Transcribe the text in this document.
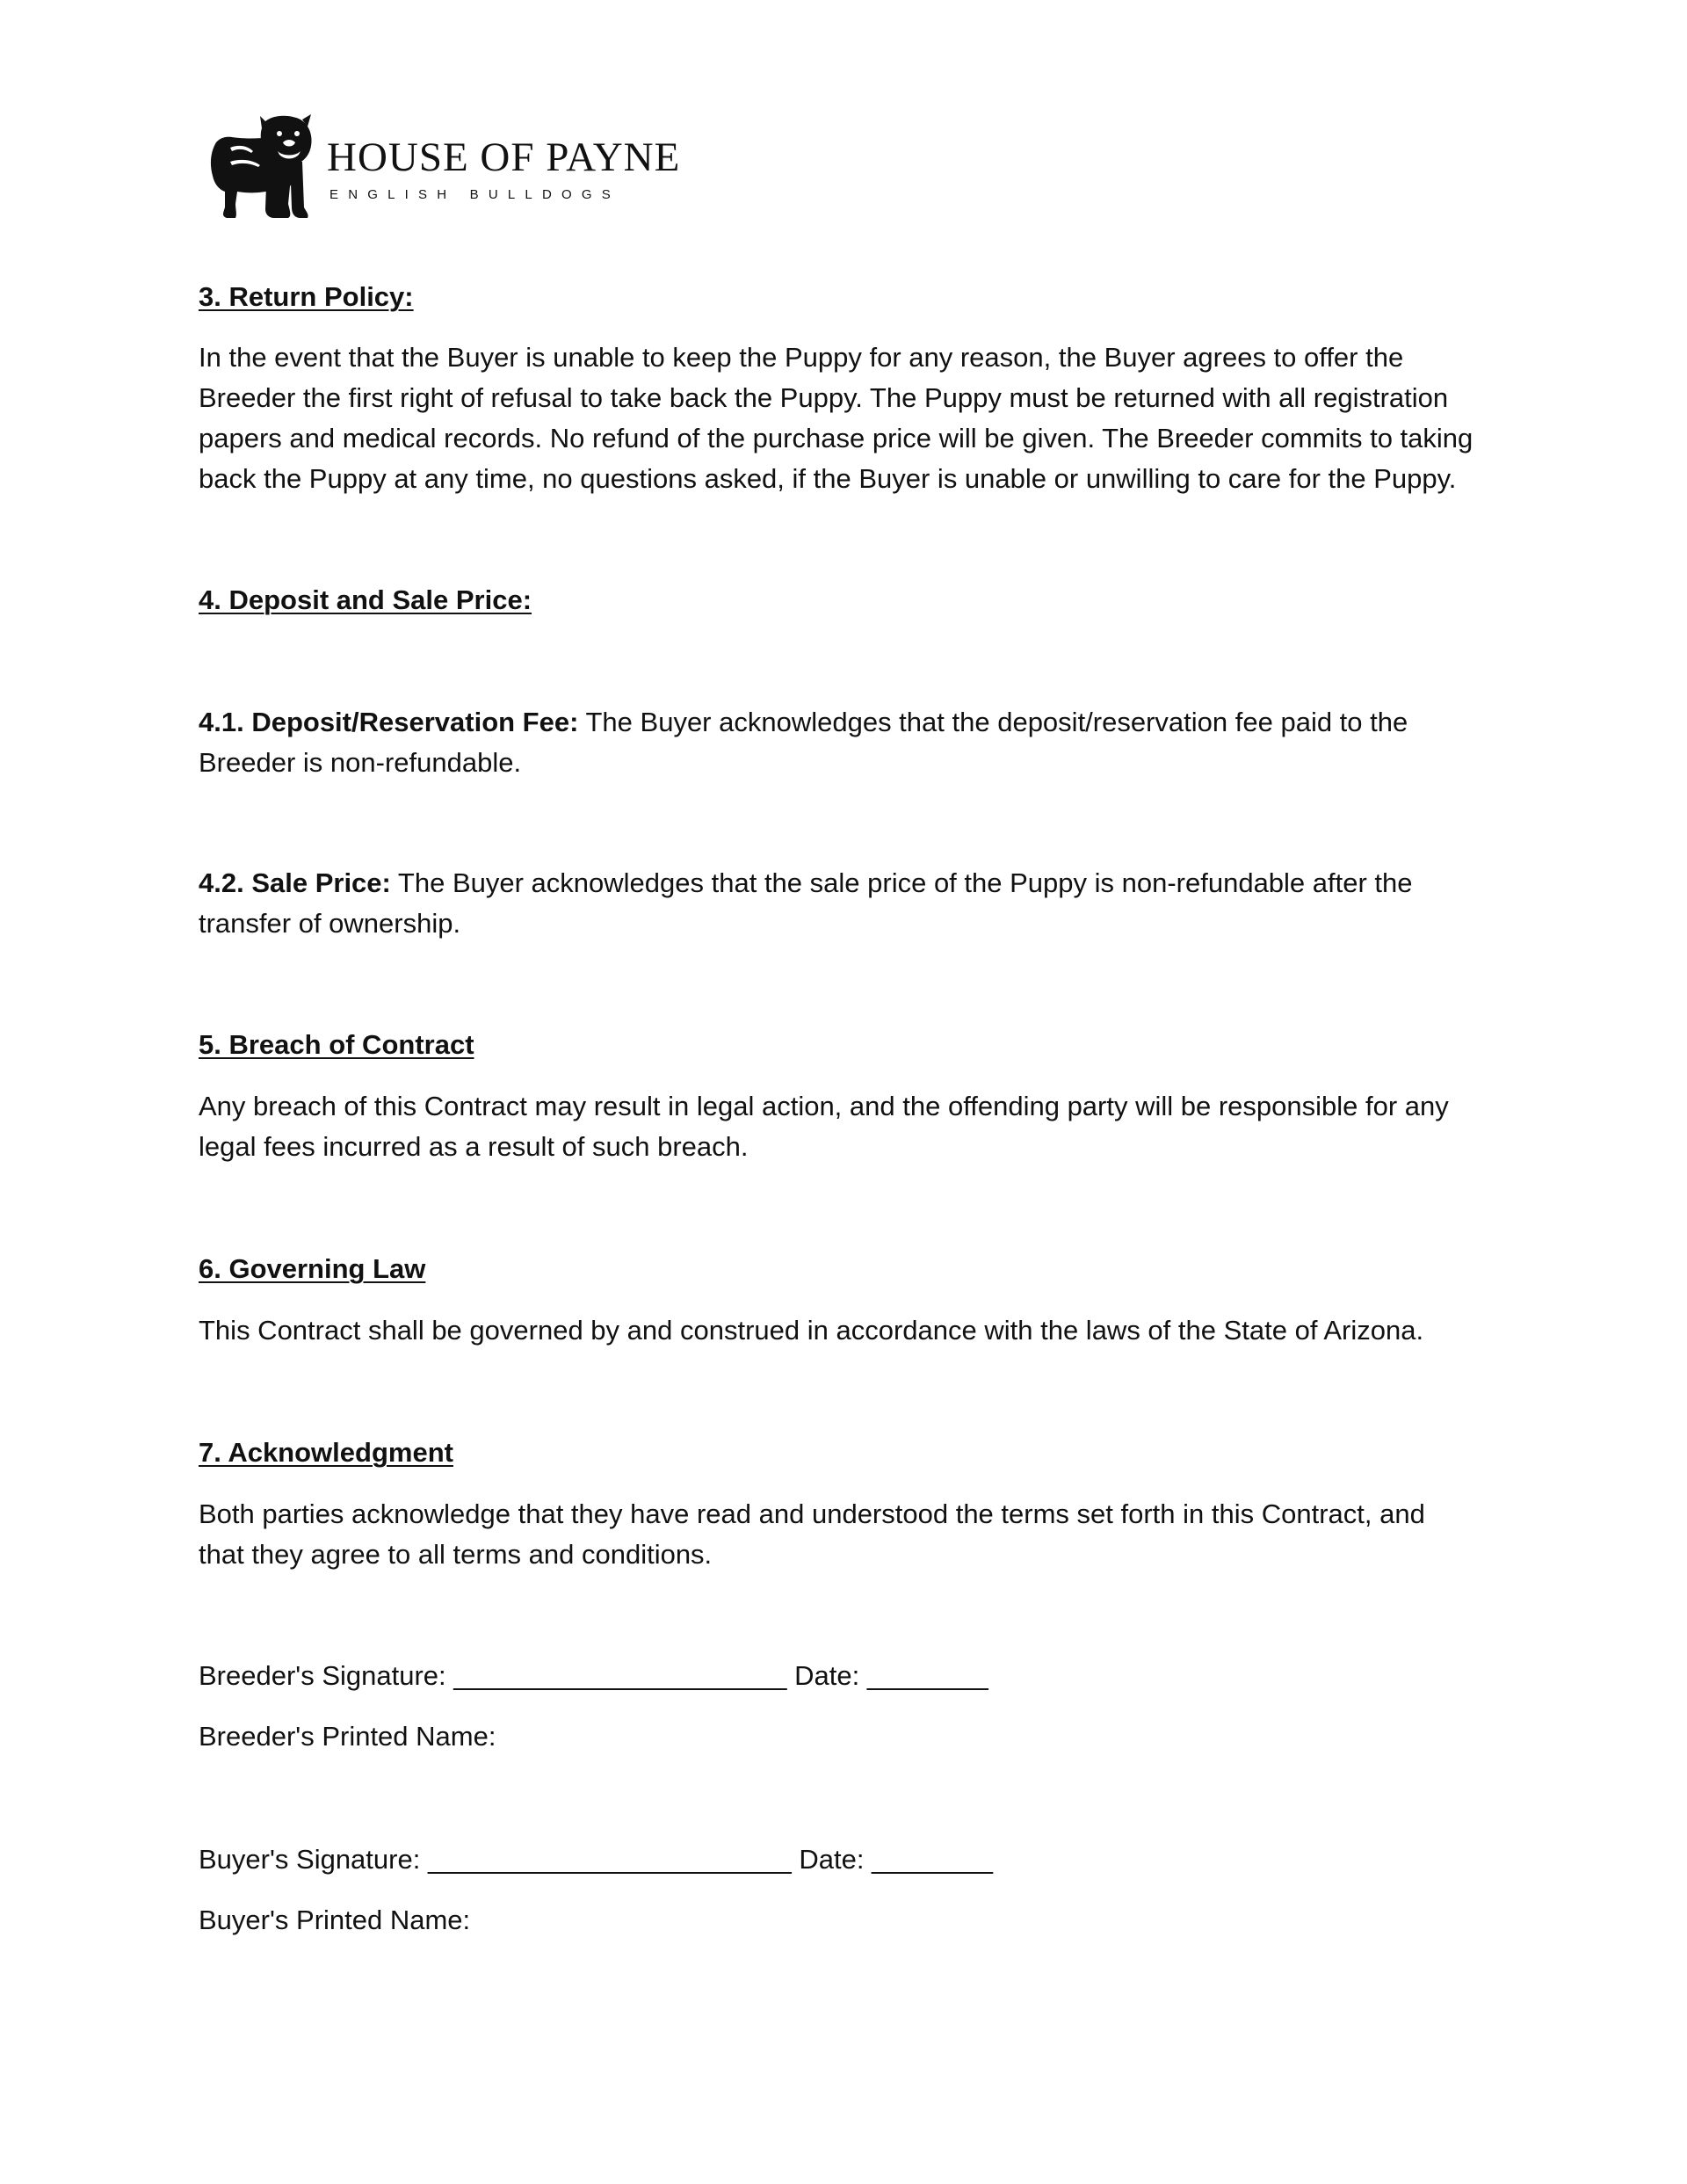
HOUSE OF PAYNE
ENGLISH BULLDOGS
3. Return Policy:
In the event that the Buyer is unable to keep the Puppy for any reason, the Buyer agrees to offer the
Breeder the first right of refusal to take back the Puppy. The Puppy must be returned with all registration
papers and medical records. No refund of the purchase price will be given. The Breeder commits to taking
back the Puppy at any time, no questions asked, if the Buyer is unable or unwilling to care for the Puppy.
4. Deposit and Sale Price:
4.1. Deposit/Reservation Fee: The Buyer acknowledges that the deposit/reservation fee paid to the
Breeder is non-refundable.
4.2. Sale Price: The Buyer acknowledges that the sale price of the Puppy is non-refundable after the
transfer of ownership.
5. Breach of Contract
Any breach of this Contract may result in legal action, and the offending party will be responsible for any
legal fees incurred as a result of such breach.
6. Governing Law
This Contract shall be governed by and construed in accordance with the laws of the State of Arizona.
7. Acknowledgment
Both parties acknowledge that they have read and understood the terms set forth in this Contract, and
that they agree to all terms and conditions.
Breeder's Signature: ______________________ Date: ________
Breeder's Printed Name:
Buyer's Signature: ________________________ Date: ________
Buyer's Printed Name:
